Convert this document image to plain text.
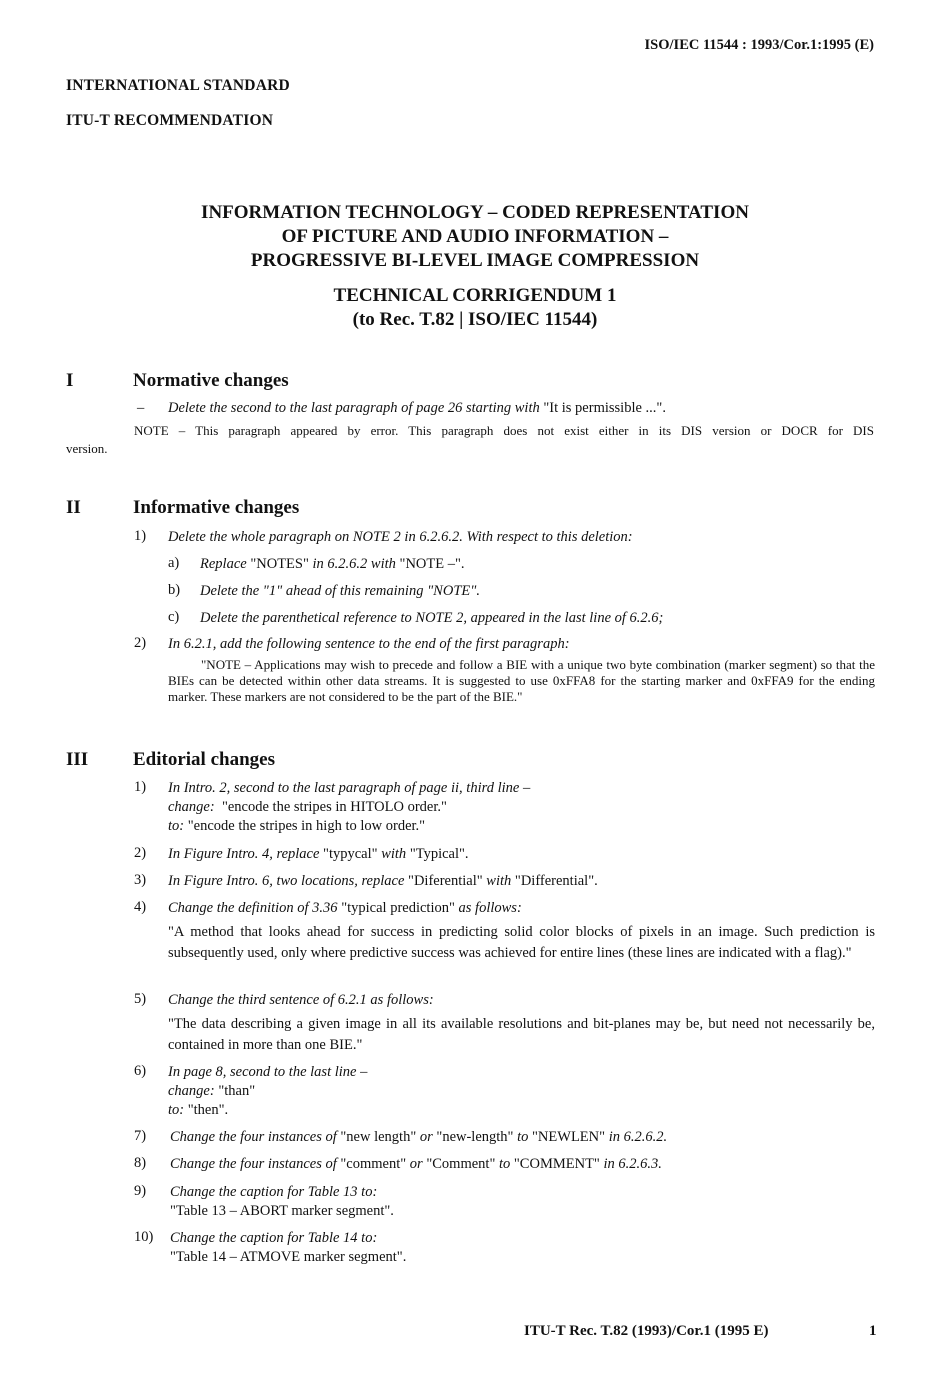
ISO/IEC 11544 : 1993/Cor.1:1995 (E)
INTERNATIONAL STANDARD
ITU-T RECOMMENDATION
INFORMATION TECHNOLOGY – CODED REPRESENTATION
OF PICTURE AND AUDIO INFORMATION –
PROGRESSIVE BI-LEVEL IMAGE COMPRESSION
TECHNICAL CORRIGENDUM 1
(to Rec. T.82 | ISO/IEC 11544)
I	Normative changes
– Delete the second to the last paragraph of page 26 starting with "It is permissible ...".
NOTE – This paragraph appeared by error. This paragraph does not exist either in its DIS version or DOCR for DIS
version.
II	Informative changes
1) Delete the whole paragraph on NOTE 2 in 6.2.6.2. With respect to this deletion:
a) Replace "NOTES" in 6.2.6.2 with "NOTE –".
b) Delete the "1" ahead of this remaining "NOTE".
c) Delete the parenthetical reference to NOTE 2, appeared in the last line of 6.2.6;
2) In 6.2.1, add the following sentence to the end of the first paragraph:
"NOTE – Applications may wish to precede and follow a BIE with a unique two byte combination (marker segment) so that the BIEs can be detected within other data streams. It is suggested to use 0xFFA8 for the starting marker and 0xFFA9 for the ending marker. These markers are not considered to be the part of the BIE."
III Editorial changes
1) In Intro. 2, second to the last paragraph of page ii, third line –
change: "encode the stripes in HITOLO order."
to: "encode the stripes in high to low order."
2) In Figure Intro. 4, replace "typycal" with "Typical".
3) In Figure Intro. 6, two locations, replace "Diferential" with "Differential".
4) Change the definition of 3.36 "typical prediction" as follows:
"A method that looks ahead for success in predicting solid color blocks of pixels in an image. Such prediction is subsequently used, only where predictive success was achieved for entire lines (these lines are indicated with a flag)."
5) Change the third sentence of 6.2.1 as follows:
"The data describing a given image in all its available resolutions and bit-planes may be, but need not necessarily be, contained in more than one BIE."
6) In page 8, second to the last line –
change: "than"
to: "then".
7) Change the four instances of "new length" or "new-length" to "NEWLEN" in 6.2.6.2.
8) Change the four instances of "comment" or "Comment" to "COMMENT" in 6.2.6.3.
9) Change the caption for Table 13 to:
"Table 13 – ABORT marker segment".
10) Change the caption for Table 14 to:
"Table 14 – ATMOVE marker segment".
ITU-T Rec. T.82 (1993)/Cor.1 (1995 E)	1
